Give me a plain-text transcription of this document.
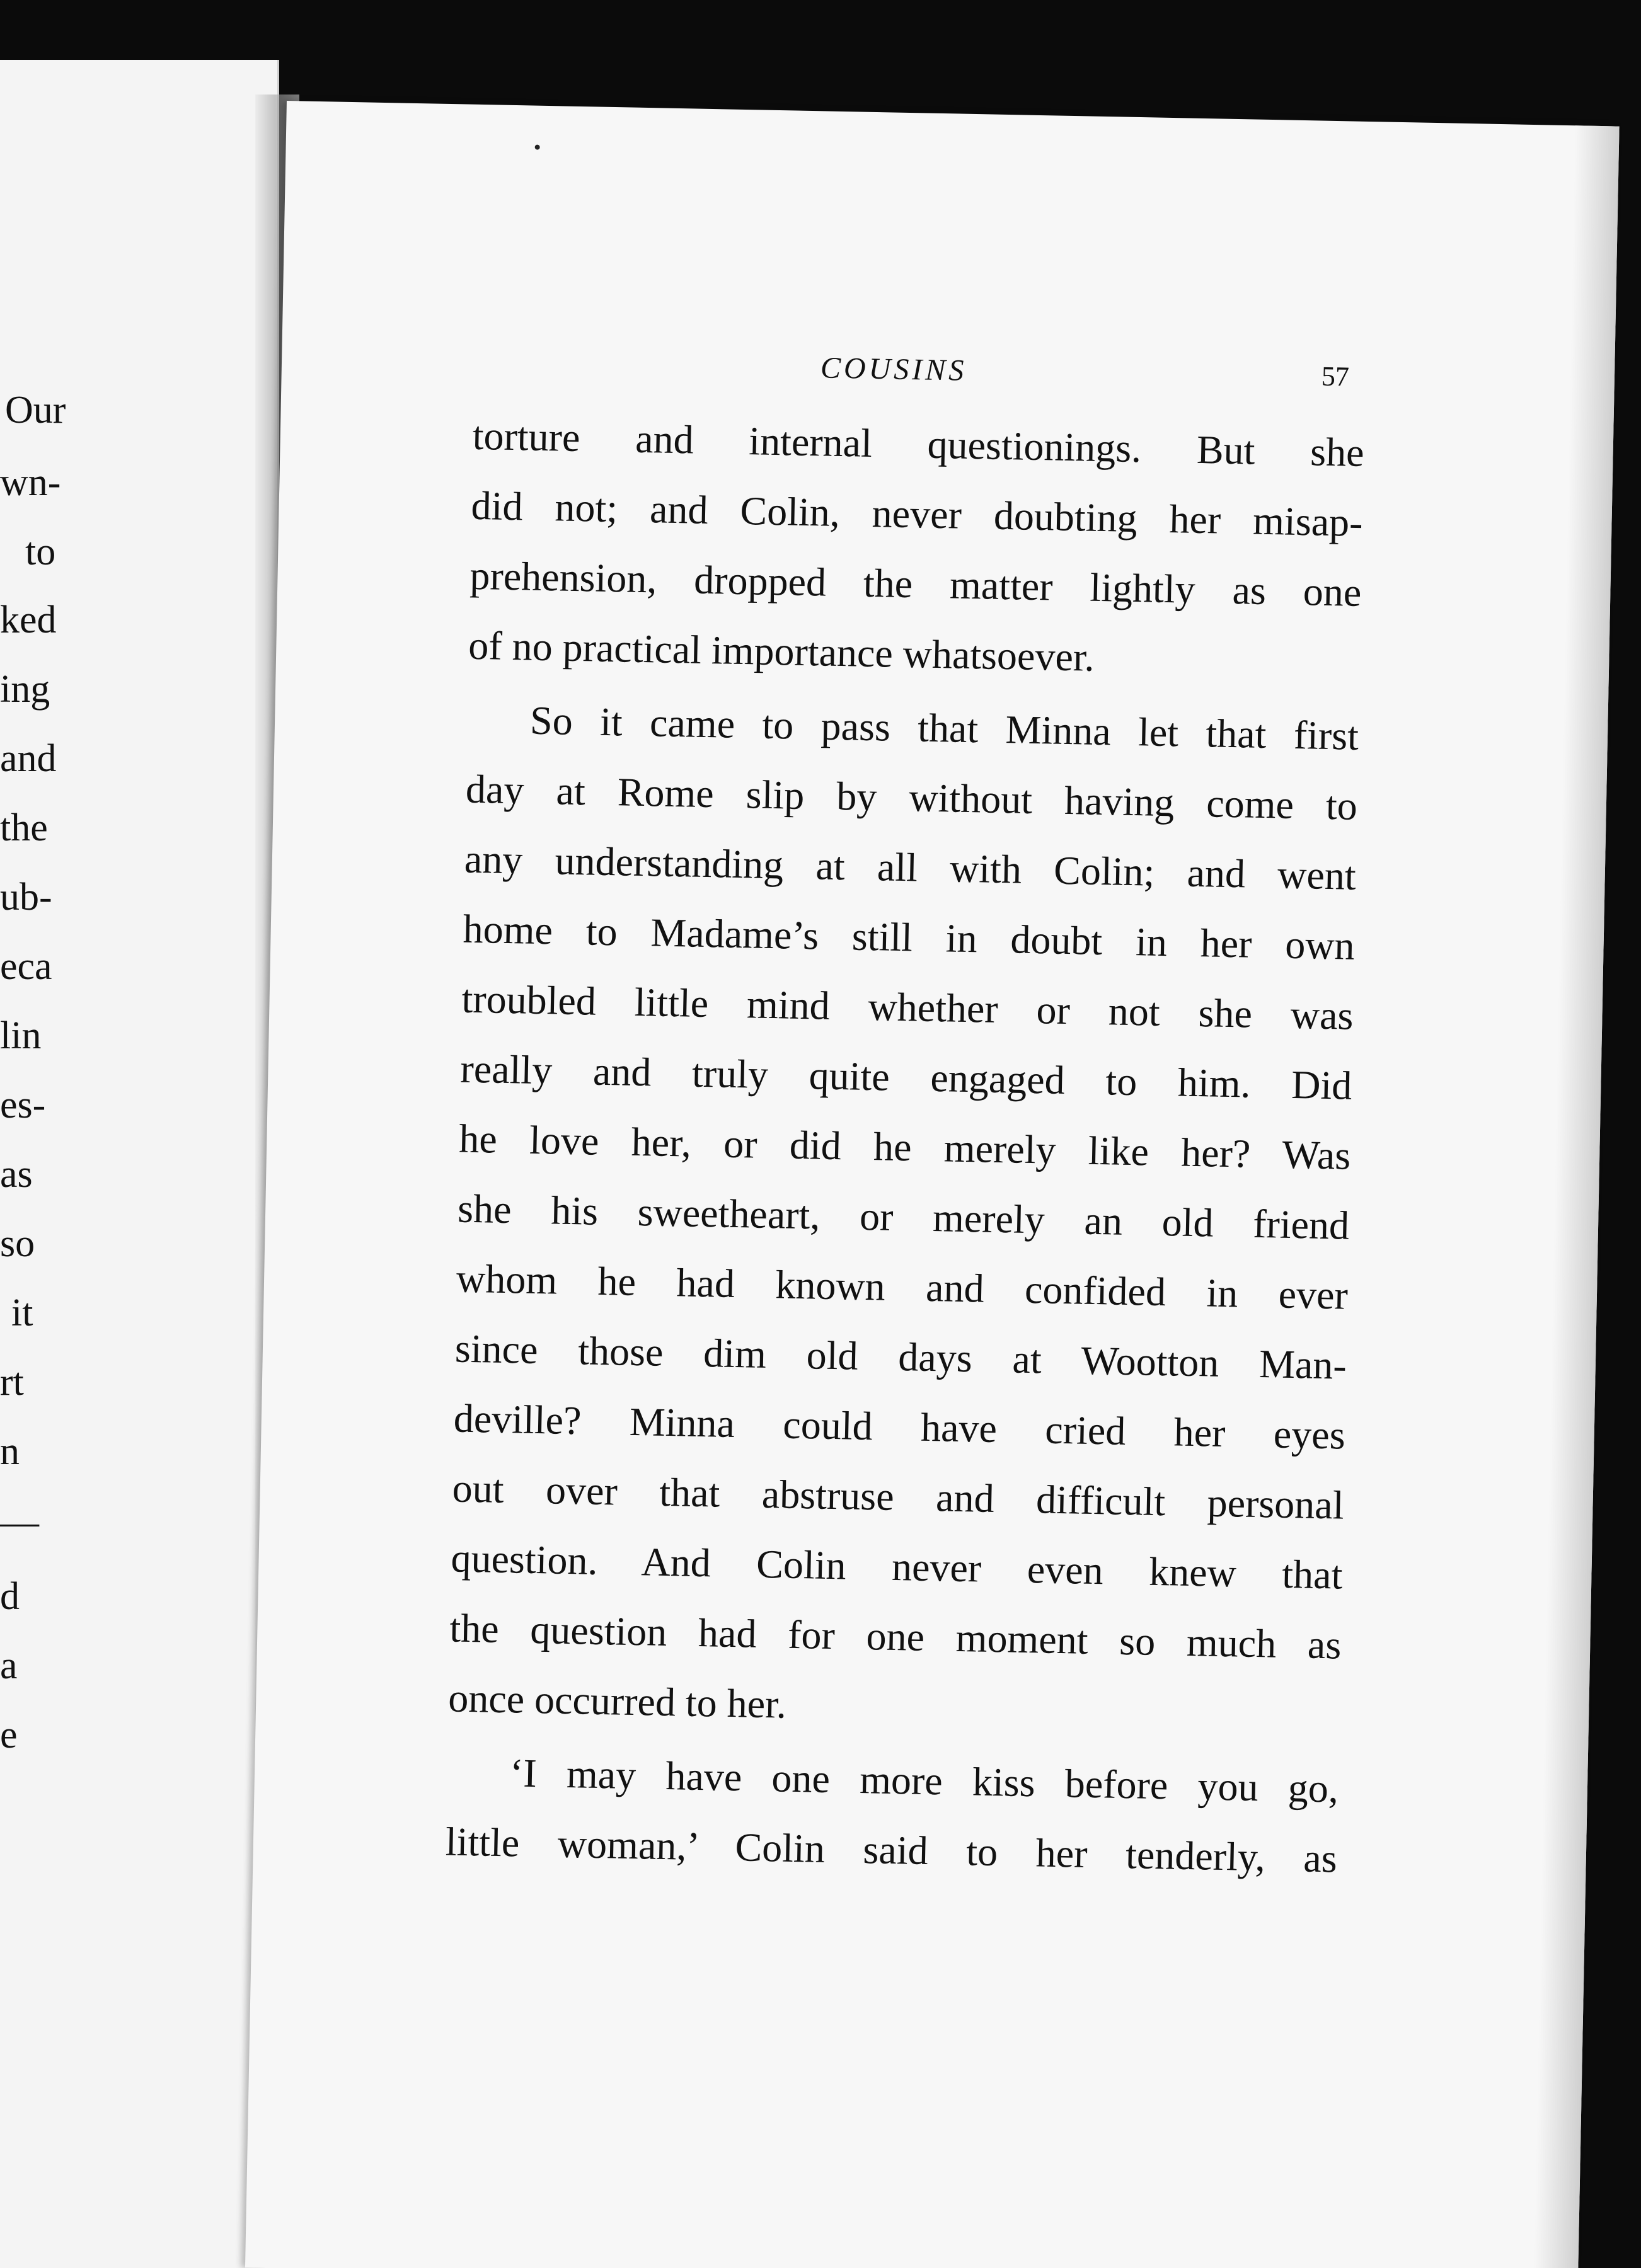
Our
wn-
to
ked
ing
and
the
ub-
eca
lin
es-
as
so
it
rt
n
—
d
a
e
COUSINS	57
torture and internal questionings. But she
did not; and Colin, never doubting her misap-
prehension, dropped the matter lightly as one
of no practical importance whatsoever.
So it came to pass that Minna let that first
day at Rome slip by without having come to
any understanding at all with Colin; and went
home to Madame’s still in doubt in her own
troubled little mind whether or not she was
really and truly quite engaged to him. Did
he love her, or did he merely like her? Was
she his sweetheart, or merely an old friend
whom he had known and confided in ever
since those dim old days at Wootton Man-
deville? Minna could have cried her eyes
out over that abstruse and difficult personal
question. And Colin never even knew that
the question had for one moment so much as
once occurred to her.
‘I may have one more kiss before you go,
little woman,’ Colin said to her tenderly, as
